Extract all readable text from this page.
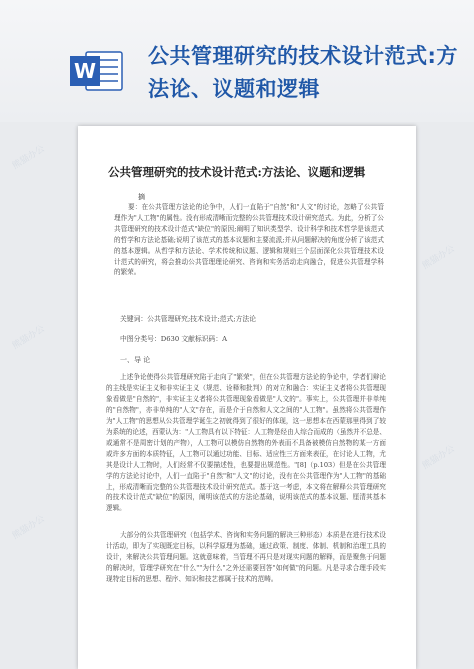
W
公共管理研究的技术设计范式:方法论、议题和逻辑
熊猫办公
熊猫办公
熊猫办公
熊猫办公
熊猫办公
公共管理研究的技术设计范式:方法论、议题和逻辑
摘
要：在公共管理方法论的论争中，人们一直陷于"自然"和"人文"的讨论，忽略了公共管理作为"人工物"的属性。没有形成清晰而完整的公共管理技术设计研究范式。为此，分析了公共管理研究的技术设计范式"缺位"的原因;阐明了知识类型学、设计科学和技术哲学是该范式的哲学和方法论基础;说明了该范式的基本议题和主要流派;并从问题解决的角度分析了该范式的基本逻辑。从哲学和方法论、学术传统和议题、逻辑和规则三个层面深化公共管理技术设计范式的研究，将会推动公共管理理论研究、咨询和实务活动走向融合，促进公共管理学科的繁荣。
关键词：公共管理研究;技术设计;范式;方法论
中图分类号：D630 文献标识码：A
一、导 论
上述争论使得公共管理研究陷于走向了"繁荣"，但在公共管理方法论的争论中，学者们辩论的主线是实证主义和非实证主义（规范、诠释和批判）的对立和融合：实证主义者将公共管理现象看做是"自然的"，非实证主义者将公共管理现象看做是"人文的"。事实上，公共管理并非单纯的"自然物"，亦非单纯的"人文"存在，而是介于自然和人文之间的"人工物"。虽然将公共管理作为"人工物"的思想从公共管理学诞生之初就得到了很好的体现，这一思想本在西蒙那里得到了较为系统的论述，西蒙认为："人工物具有以下特征：人工物是经由人综合而成的（虽然并不总是、或通常不是周密计划的产物），人工物可以模仿自然物的外表而不具备被模仿自然物的某一方面或许多方面的本质特征，人工物可以通过功能、目标、适应性三方面来表征，在讨论人工物，尤其是设计人工物时，人们经常不仅要描述性，也要提出规范性。"[8]（p.103）但是在公共管理学的方法论讨论中，人们一直陷于"自然"和"人文"的讨论，没有在公共管理作为"人工物"的基础上，形成清晰而完整的公共管理技术设计研究范式。基于这一考虑，本文将在解释公共管理研究的技术设计范式"缺位"的原因，阐明该范式的方法论基础，说明该范式的基本议题、厘清其基本逻辑。
大部分的公共管理研究（包括学术、咨询和实务问题的解决三种形态）本质是在进行技术设计活动，即为了实现既定目标，以科学原理为基础，通过政策、制度、体制、机制和治理工具的设计，来解决公共管理问题。这就意味着，当管理不再只是对现实问题的解释，而是聚焦于问题的解决时，管理学研究在"什么""为什么"之外还需要回答"如何做"的问题。凡是寻求合理手段实现特定目标的思想、程序、知识和技艺都属于技术的范畴。
